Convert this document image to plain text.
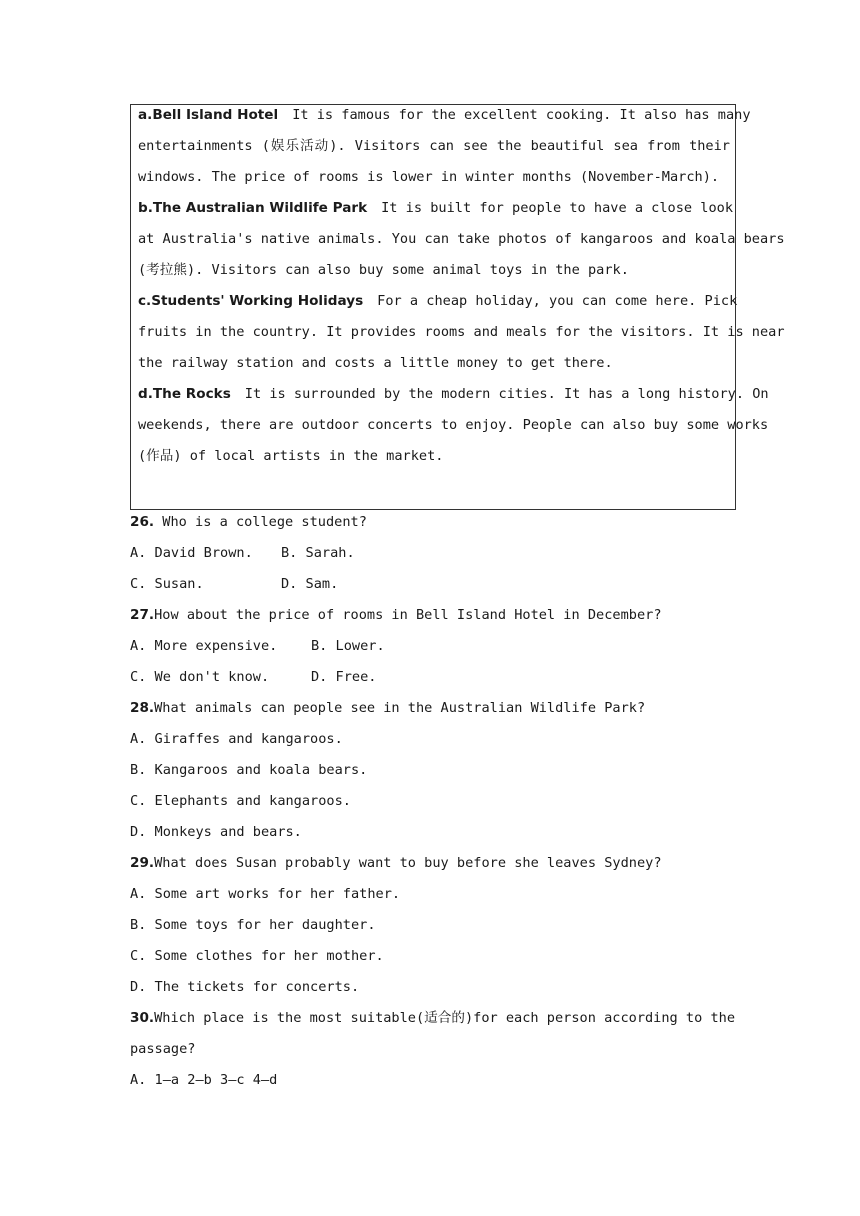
a.Bell Island Hotel It is famous for the excellent cooking. It also has many
entertainments (娱乐活动). Visitors can see the beautiful sea from their
windows. The price of rooms is lower in winter months (November-March).
b.The Australian Wildlife Park It is built for people to have a close look
at Australia's native animals. You can take photos of kangaroos and koala bears
(考拉熊). Visitors can also buy some animal toys in the park.
c.Students' Working Holidays For a cheap holiday, you can come here. Pick
fruits in the country. It provides rooms and meals for the visitors. It is near
the railway station and costs a little money to get there.
d.The Rocks It is surrounded by the modern cities. It has a long history. On
weekends, there are outdoor concerts to enjoy. People can also buy some works
(作品) of local artists in the market.
26. Who is a college student?
A. David Brown. B. Sarah.
C. Susan.	D. Sam.
27.How about the price of rooms in Bell Island Hotel in December?
A. More expensive. B. Lower.
C. We don't know.	D. Free.
28.What animals can people see in the Australian Wildlife Park?
A. Giraffes and kangaroos.
B. Kangaroos and koala bears.
C. Elephants and kangaroos.
D. Monkeys and bears.
29.What does Susan probably want to buy before she leaves Sydney?
A. Some art works for her father.
B. Some toys for her daughter.
C. Some clothes for her mother.
D. The tickets for concerts.
30.Which place is the most suitable(适合的)for each person according to the
passage?
A. 1—a 2—b 3—c 4—d
